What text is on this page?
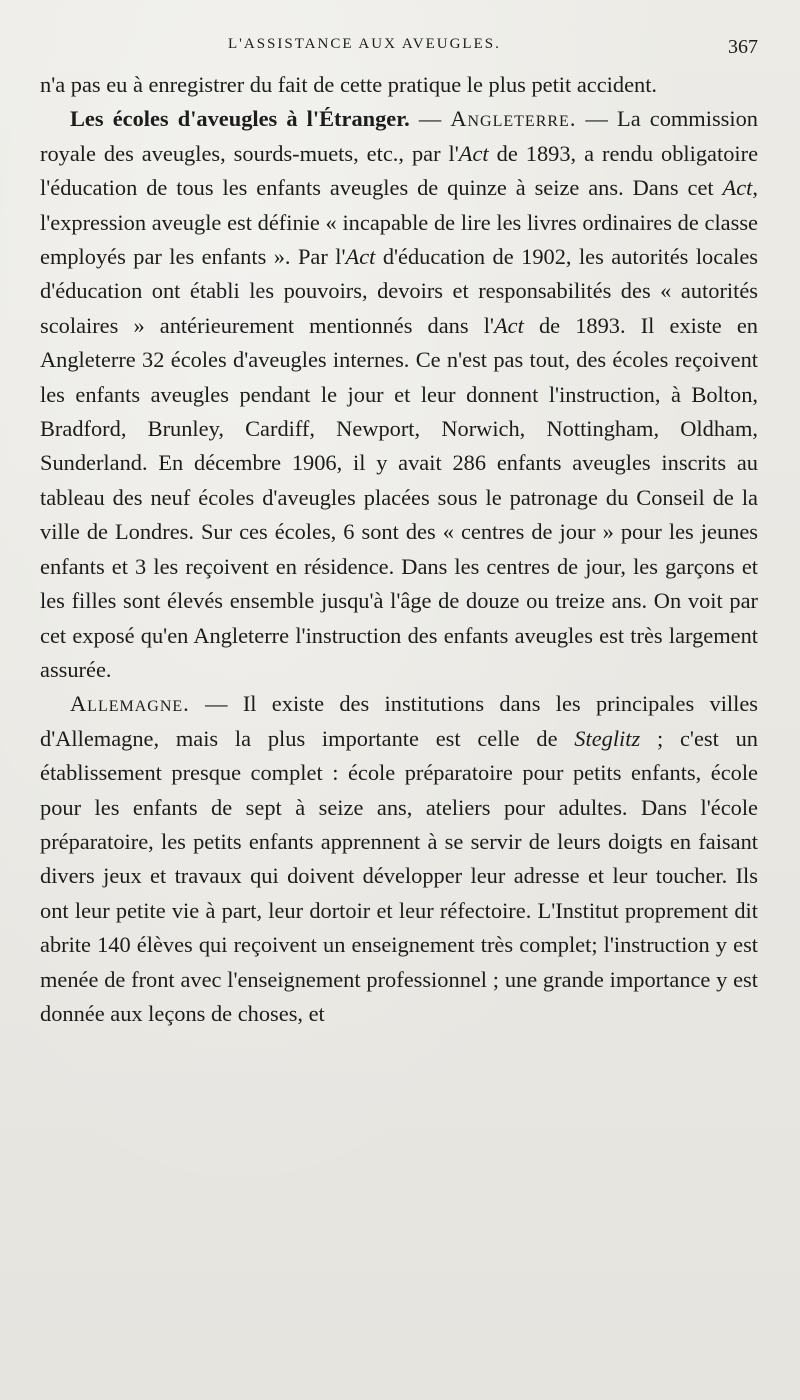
L'ASSISTANCE AUX AVEUGLES.	367

n'a pas eu à enregistrer du fait de cette pratique le plus petit accident.

Les écoles d'aveugles à l'Étranger. — Angleterre. — La commission royale des aveugles, sourds-muets, etc., par l'Act de 1893, a rendu obligatoire l'éducation de tous les enfants aveugles de quinze à seize ans. Dans cet Act, l'expression aveugle est définie « incapable de lire les livres ordinaires de classe employés par les enfants ». Par l'Act d'éducation de 1902, les autorités locales d'éducation ont établi les pouvoirs, devoirs et responsabilités des « autorités scolaires » antérieurement mentionnés dans l'Act de 1893. Il existe en Angleterre 32 écoles d'aveugles internes. Ce n'est pas tout, des écoles reçoivent les enfants aveugles pendant le jour et leur donnent l'instruction, à Bolton, Bradford, Brunley, Cardiff, Newport, Norwich, Nottingham, Oldham, Sunderland. En décembre 1906, il y avait 286 enfants aveugles inscrits au tableau des neuf écoles d'aveugles placées sous le patronage du Conseil de la ville de Londres. Sur ces écoles, 6 sont des « centres de jour » pour les jeunes enfants et 3 les reçoivent en résidence. Dans les centres de jour, les garçons et les filles sont élevés ensemble jusqu'à l'âge de douze ou treize ans. On voit par cet exposé qu'en Angleterre l'instruction des enfants aveugles est très largement assurée.

Allemagne. — Il existe des institutions dans les principales villes d'Allemagne, mais la plus importante est celle de Steglitz ; c'est un établissement presque complet : école préparatoire pour petits enfants, école pour les enfants de sept à seize ans, ateliers pour adultes. Dans l'école préparatoire, les petits enfants apprennent à se servir de leurs doigts en faisant divers jeux et travaux qui doivent développer leur adresse et leur toucher. Ils ont leur petite vie à part, leur dortoir et leur réfectoire. L'Institut proprement dit abrite 140 élèves qui reçoivent un enseignement très complet; l'instruction y est menée de front avec l'enseignement professionnel ; une grande importance y est donnée aux leçons de choses, et
